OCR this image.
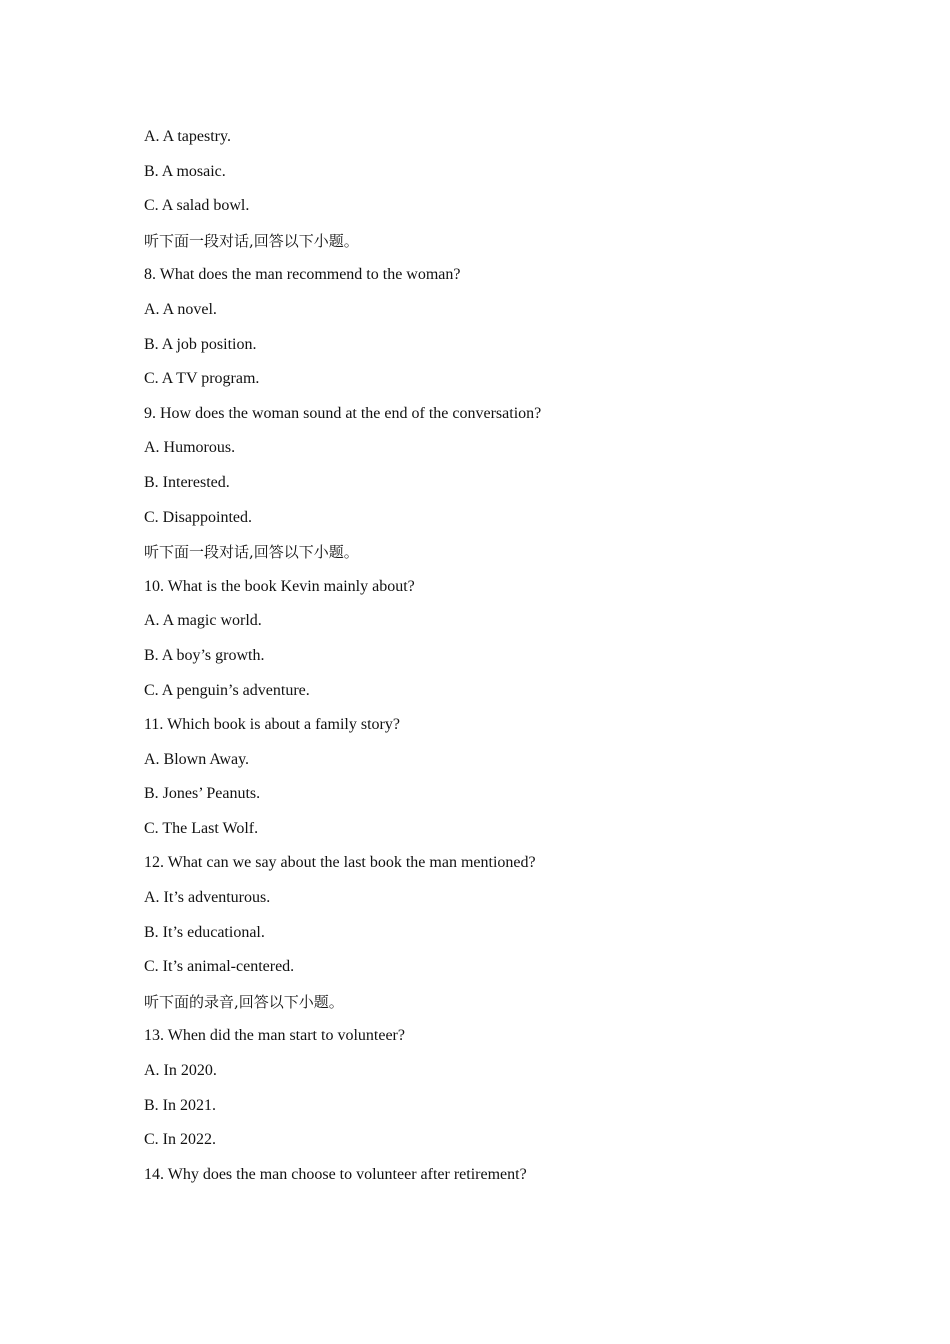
A. A tapestry.
B. A mosaic.
C. A salad bowl.
听下面一段对话,回答以下小题。
8. What does the man recommend to the woman?
A. A novel.
B. A job position.
C. A TV program.
9. How does the woman sound at the end of the conversation?
A. Humorous.
B. Interested.
C. Disappointed.
听下面一段对话,回答以下小题。
10. What is the book Kevin mainly about?
A. A magic world.
B. A boy’s growth.
C. A penguin’s adventure.
11. Which book is about a family story?
A. Blown Away.
B. Jones’ Peanuts.
C. The Last Wolf.
12. What can we say about the last book the man mentioned?
A. It’s adventurous.
B. It’s educational.
C. It’s animal-centered.
听下面的录音,回答以下小题。
13. When did the man start to volunteer?
A. In 2020.
B. In 2021.
C. In 2022.
14. Why does the man choose to volunteer after retirement?
